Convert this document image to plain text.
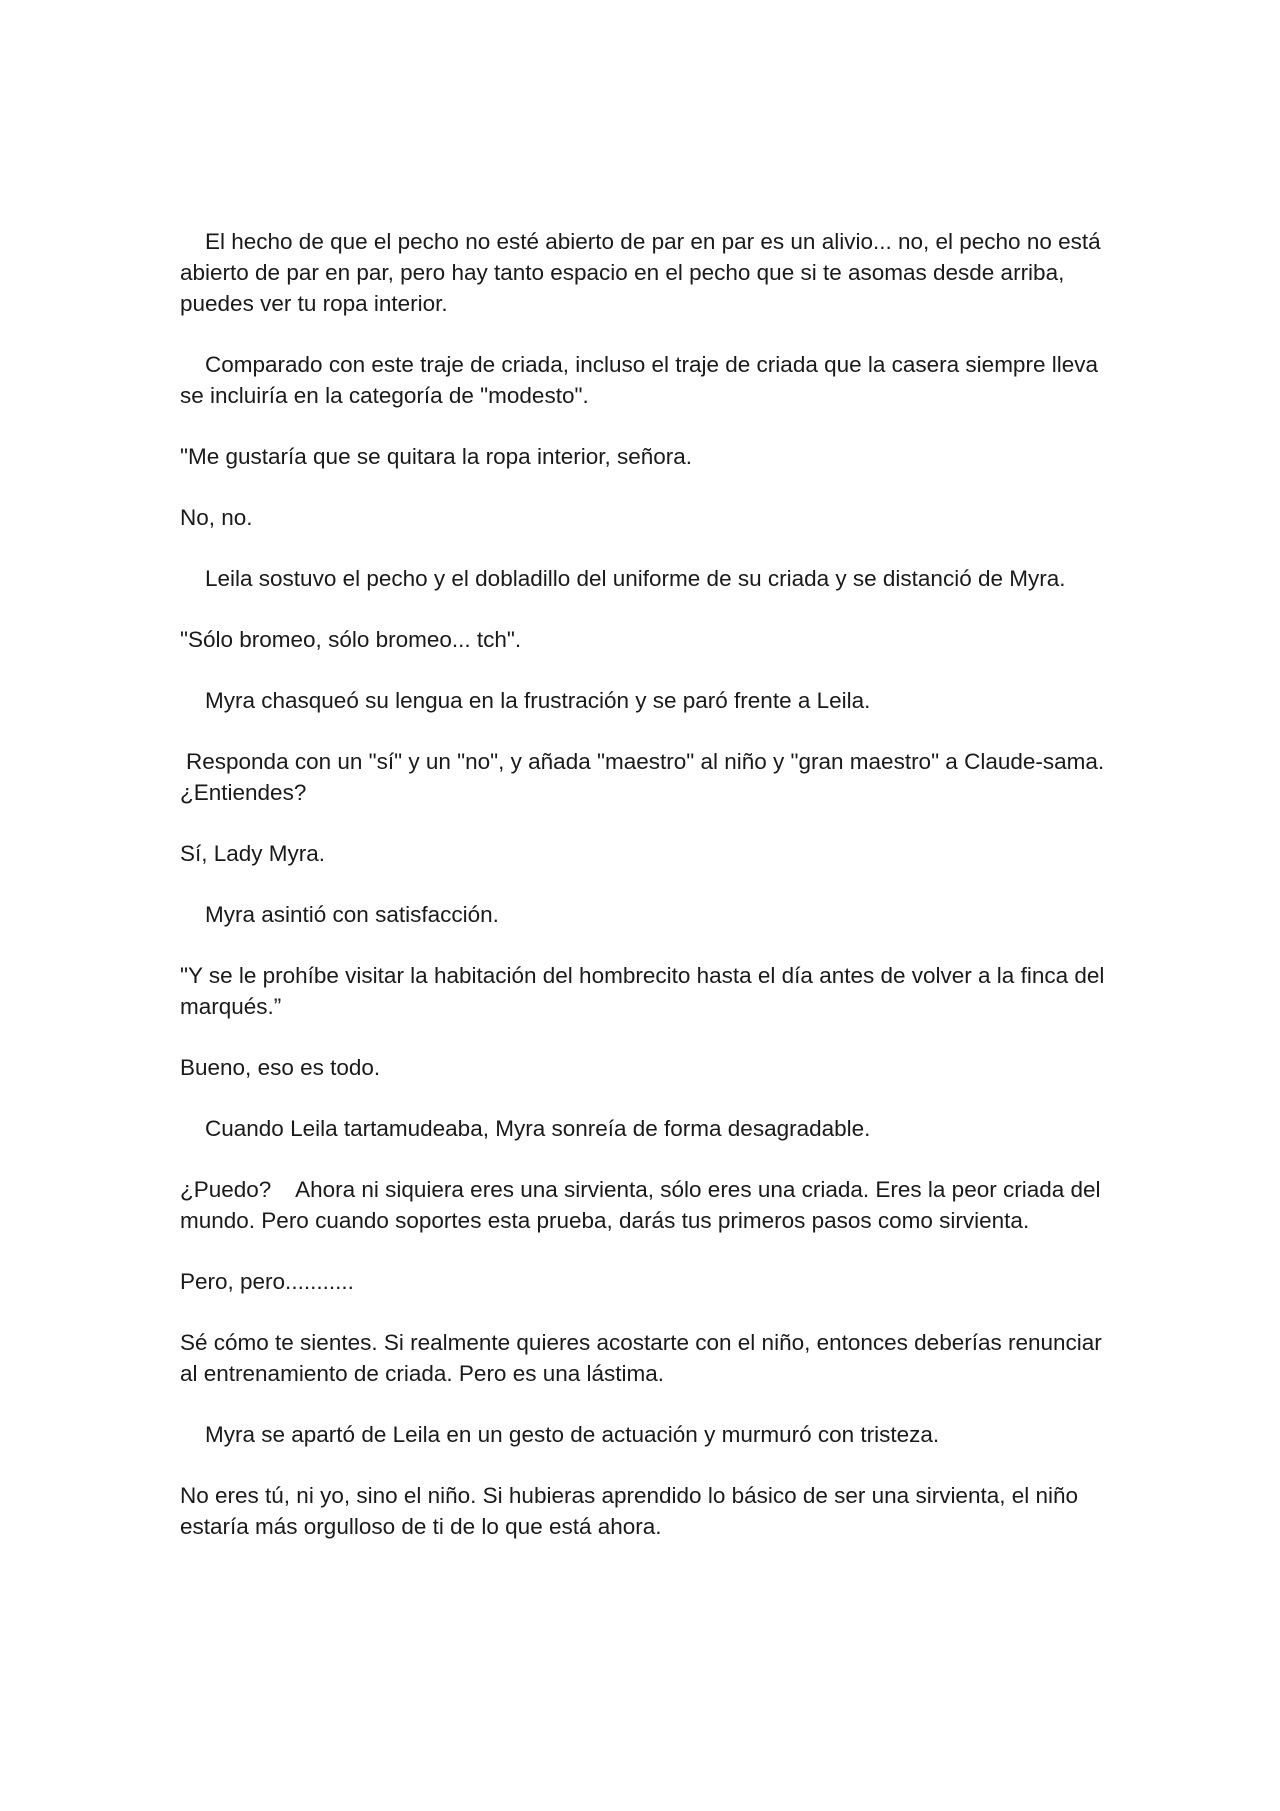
El hecho de que el pecho no esté abierto de par en par es un alivio... no, el pecho no está abierto de par en par, pero hay tanto espacio en el pecho que si te asomas desde arriba, puedes ver tu ropa interior.

Comparado con este traje de criada, incluso el traje de criada que la casera siempre lleva se incluiría en la categoría de "modesto".

"Me gustaría que se quitara la ropa interior, señora.

No, no.

Leila sostuvo el pecho y el dobladillo del uniforme de su criada y se distanció de Myra.

"Sólo bromeo, sólo bromeo... tch".

Myra chasqueó su lengua en la frustración y se paró frente a Leila.

Responda con un "sí" y un "no", y añada "maestro" al niño y "gran maestro" a Claude-sama. ¿Entiendes?

Sí, Lady Myra.

Myra asintió con satisfacción.

"Y se le prohíbe visitar la habitación del hombrecito hasta el día antes de volver a la finca del marqués.”

Bueno, eso es todo.

Cuando Leila tartamudeaba, Myra sonreía de forma desagradable.

¿Puedo?    Ahora ni siquiera eres una sirvienta, sólo eres una criada. Eres la peor criada del mundo. Pero cuando soportes esta prueba, darás tus primeros pasos como sirvienta.

Pero, pero...........

Sé cómo te sientes. Si realmente quieres acostarte con el niño, entonces deberías renunciar al entrenamiento de criada. Pero es una lástima.

Myra se apartó de Leila en un gesto de actuación y murmuró con tristeza.

No eres tú, ni yo, sino el niño. Si hubieras aprendido lo básico de ser una sirvienta, el niño estaría más orgulloso de ti de lo que está ahora.
